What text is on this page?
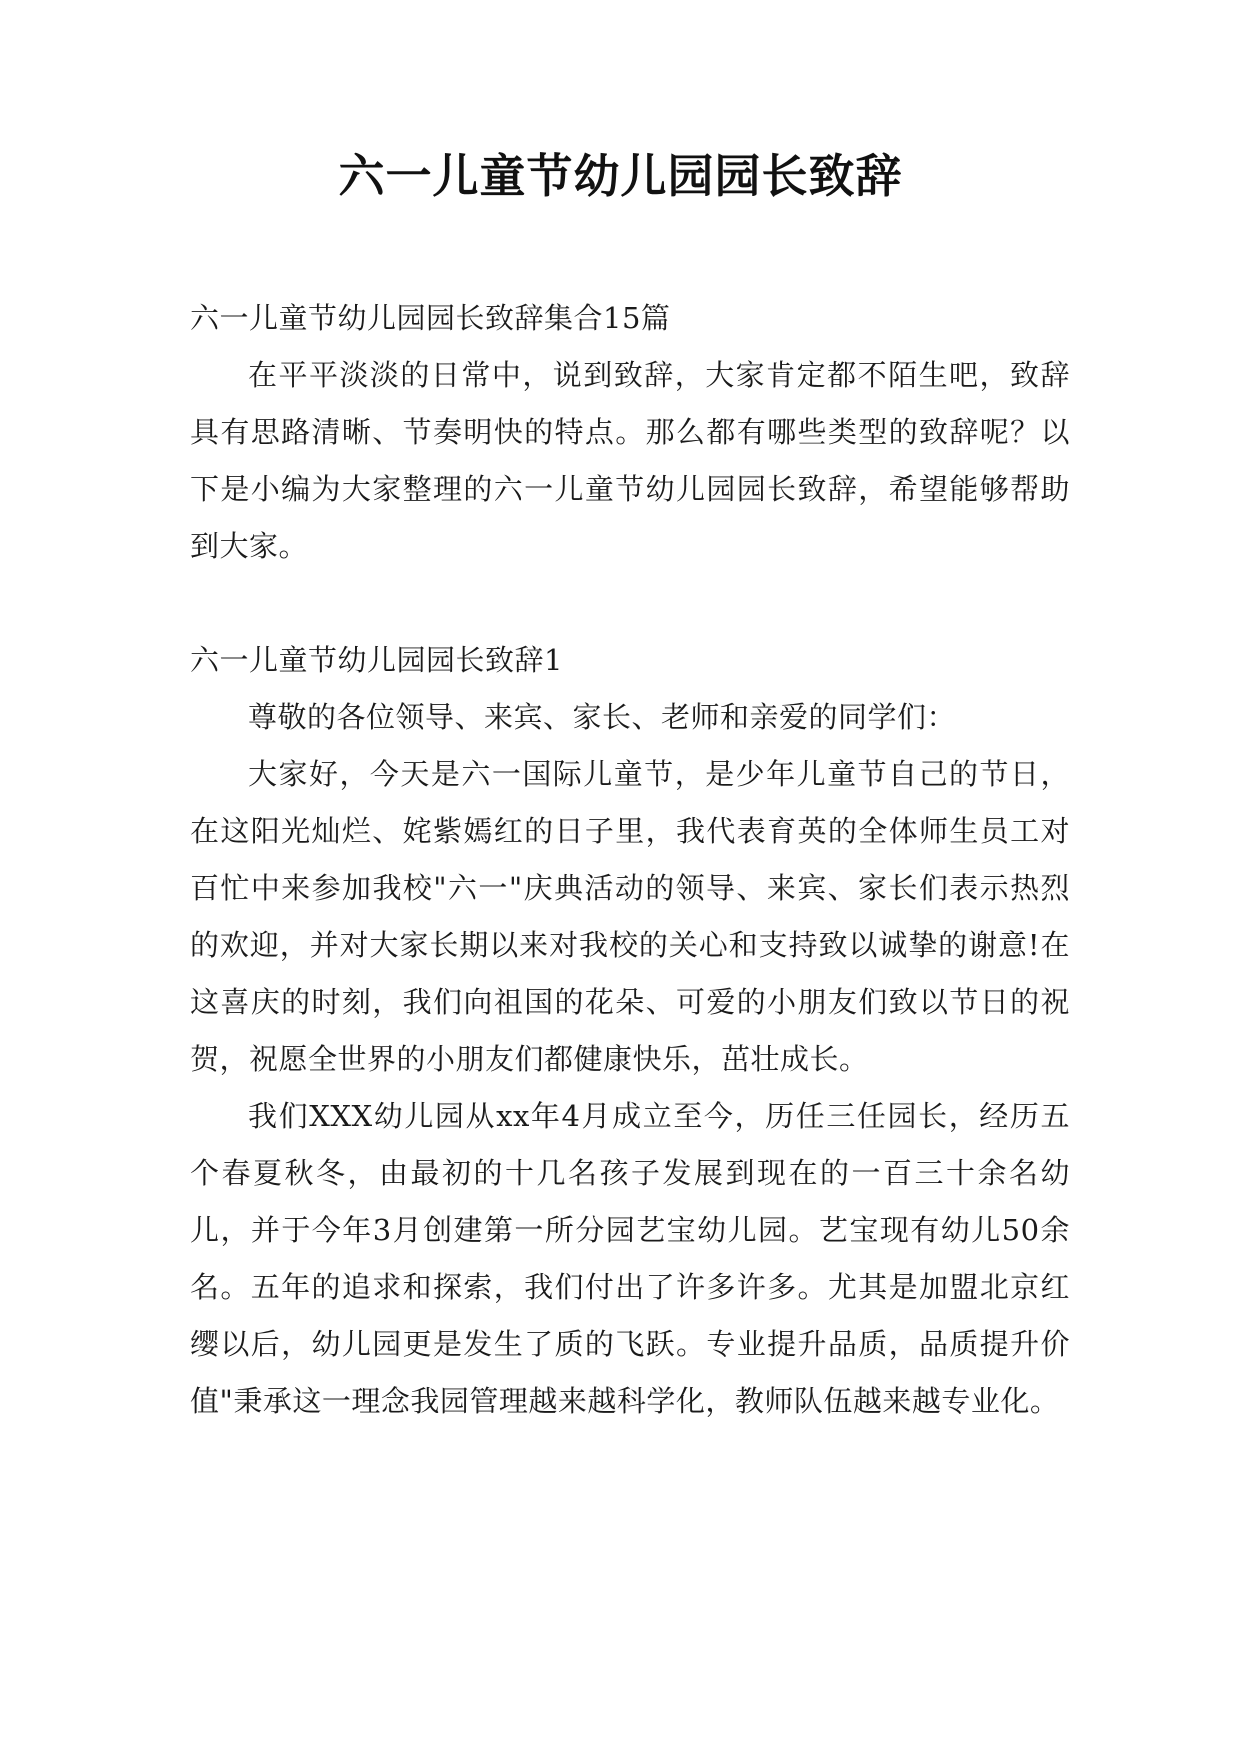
六一儿童节幼儿园园长致辞

六一儿童节幼儿园园长致辞集合15篇

在平平淡淡的日常中，说到致辞，大家肯定都不陌生吧，致辞具有思路清晰、节奏明快的特点。那么都有哪些类型的致辞呢？以下是小编为大家整理的六一儿童节幼儿园园长致辞，希望能够帮助到大家。

六一儿童节幼儿园园长致辞1

尊敬的各位领导、来宾、家长、老师和亲爱的同学们：

大家好，今天是六一国际儿童节，是少年儿童节自己的节日，在这阳光灿烂、姹紫嫣红的日子里，我代表育英的全体师生员工对百忙中来参加我校"六一"庆典活动的领导、来宾、家长们表示热烈的欢迎，并对大家长期以来对我校的关心和支持致以诚挚的谢意!在这喜庆的时刻，我们向祖国的花朵、可爱的小朋友们致以节日的祝贺，祝愿全世界的小朋友们都健康快乐，茁壮成长。

我们XXX幼儿园从xx年4月成立至今，历任三任园长，经历五个春夏秋冬，由最初的十几名孩子发展到现在的一百三十余名幼儿，并于今年3月创建第一所分园艺宝幼儿园。艺宝现有幼儿50余名。五年的追求和探索，我们付出了许多许多。尤其是加盟北京红缨以后，幼儿园更是发生了质的飞跃。专业提升品质，品质提升价值"秉承这一理念我园管理越来越科学化，教师队伍越来越专业化。
